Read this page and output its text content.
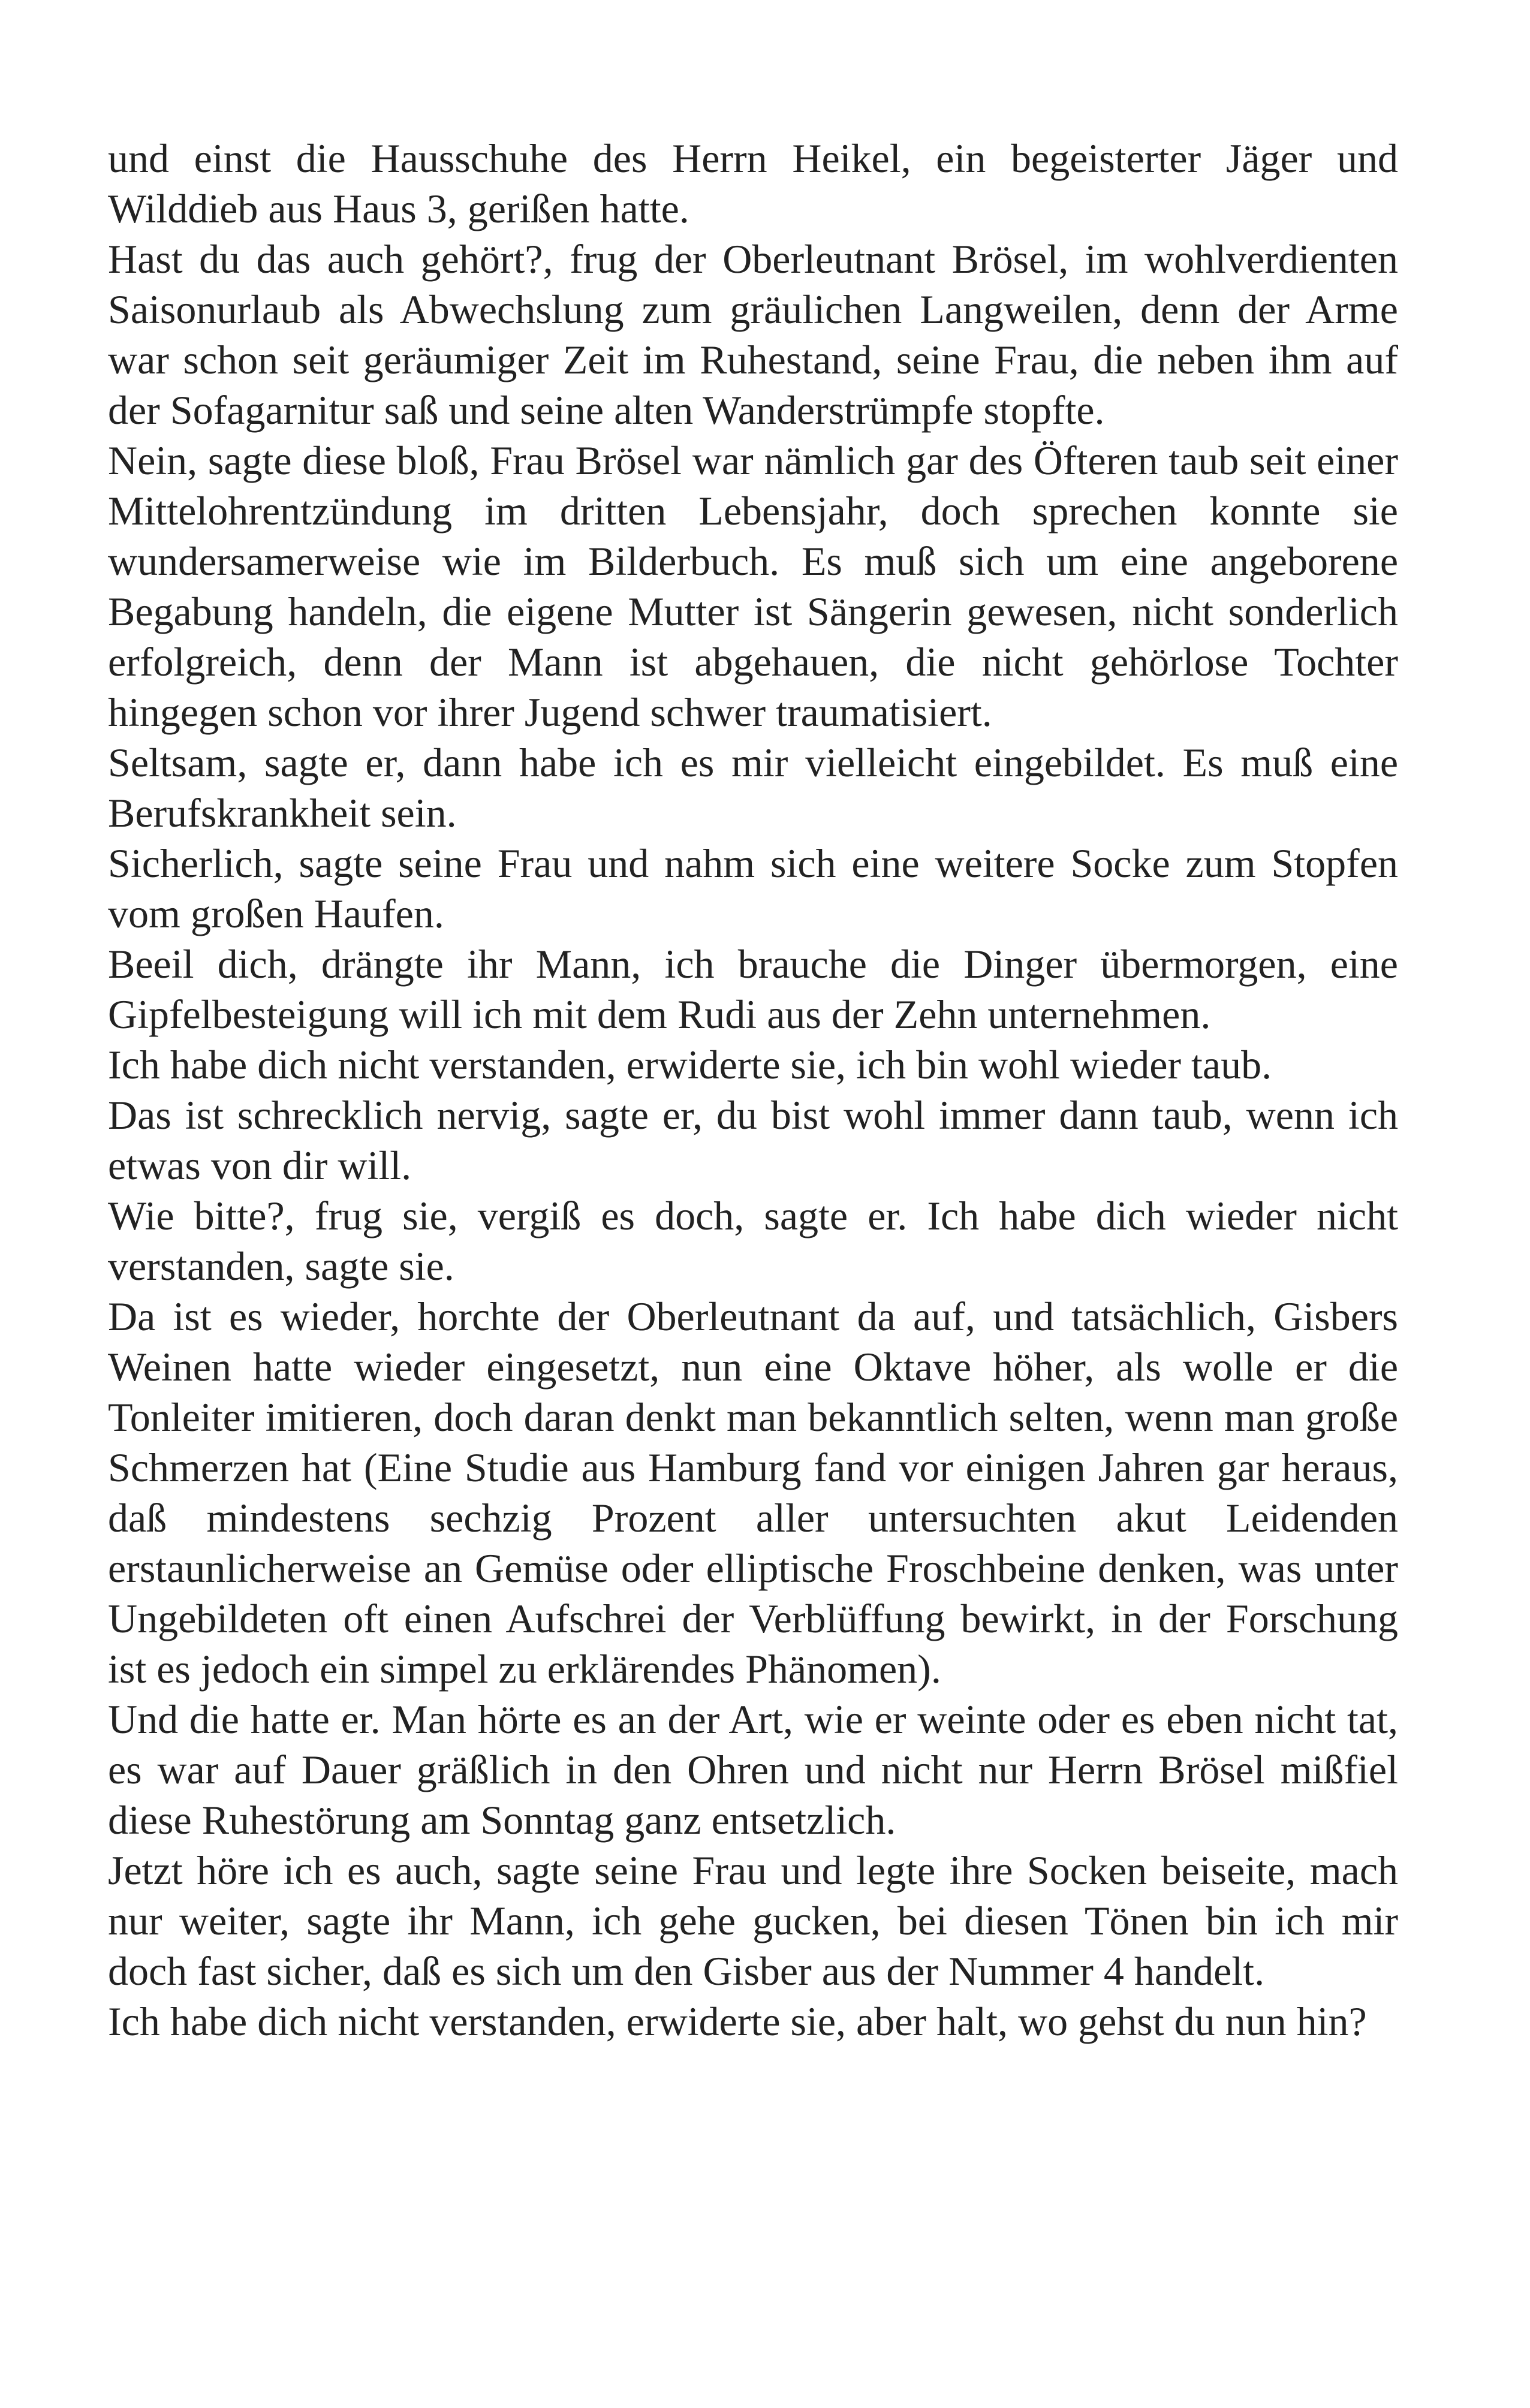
und einst die Hausschuhe des Herrn Heikel, ein begeisterter Jäger und Wilddieb aus Haus 3, gerißen hatte.

Hast du das auch gehört?, frug der Oberleutnant Brösel, im wohlverdienten Saisonurlaub als Abwechslung zum gräulichen Langweilen, denn der Arme war schon seit geräumiger Zeit im Ruhestand, seine Frau, die neben ihm auf der Sofagarnitur saß und seine alten Wanderstrümpfe stopfte.

Nein, sagte diese bloß, Frau Brösel war nämlich gar des Öfteren taub seit einer Mittelohrentzündung im dritten Lebensjahr, doch sprechen konnte sie wundersamerweise wie im Bilderbuch. Es muß sich um eine angeborene Begabung handeln, die eigene Mutter ist Sängerin gewesen, nicht sonderlich erfolgreich, denn der Mann ist abgehauen, die nicht gehörlose Tochter hingegen schon vor ihrer Jugend schwer traumatisiert.

Seltsam, sagte er, dann habe ich es mir vielleicht eingebildet. Es muß eine Berufskrankheit sein.

Sicherlich, sagte seine Frau und nahm sich eine weitere Socke zum Stopfen vom großen Haufen.

Beeil dich, drängte ihr Mann, ich brauche die Dinger übermorgen, eine Gipfelbesteigung will ich mit dem Rudi aus der Zehn unternehmen.

Ich habe dich nicht verstanden, erwiderte sie, ich bin wohl wieder taub.

Das ist schrecklich nervig, sagte er, du bist wohl immer dann taub, wenn ich etwas von dir will.

Wie bitte?, frug sie, vergiß es doch, sagte er. Ich habe dich wieder nicht verstanden, sagte sie.

Da ist es wieder, horchte der Oberleutnant da auf, und tatsächlich, Gisbers Weinen hatte wieder eingesetzt, nun eine Oktave höher, als wolle er die Tonleiter imitieren, doch daran denkt man bekanntlich selten, wenn man große Schmerzen hat (Eine Studie aus Hamburg fand vor einigen Jahren gar heraus, daß mindestens sechzig Prozent aller untersuchten akut Leidenden erstaunlicherweise an Gemüse oder elliptische Froschbeine denken, was unter Ungebildeten oft einen Aufschrei der Verblüffung bewirkt, in der Forschung ist es jedoch ein simpel zu erklärendes Phänomen).

Und die hatte er. Man hörte es an der Art, wie er weinte oder es eben nicht tat, es war auf Dauer gräßlich in den Ohren und nicht nur Herrn Brösel mißfiel diese Ruhestörung am Sonntag ganz entsetzlich.

Jetzt höre ich es auch, sagte seine Frau und legte ihre Socken beiseite, mach nur weiter, sagte ihr Mann, ich gehe gucken, bei diesen Tönen bin ich mir doch fast sicher, daß es sich um den Gisber aus der Nummer 4 handelt.

Ich habe dich nicht verstanden, erwiderte sie, aber halt, wo gehst du nun hin?
